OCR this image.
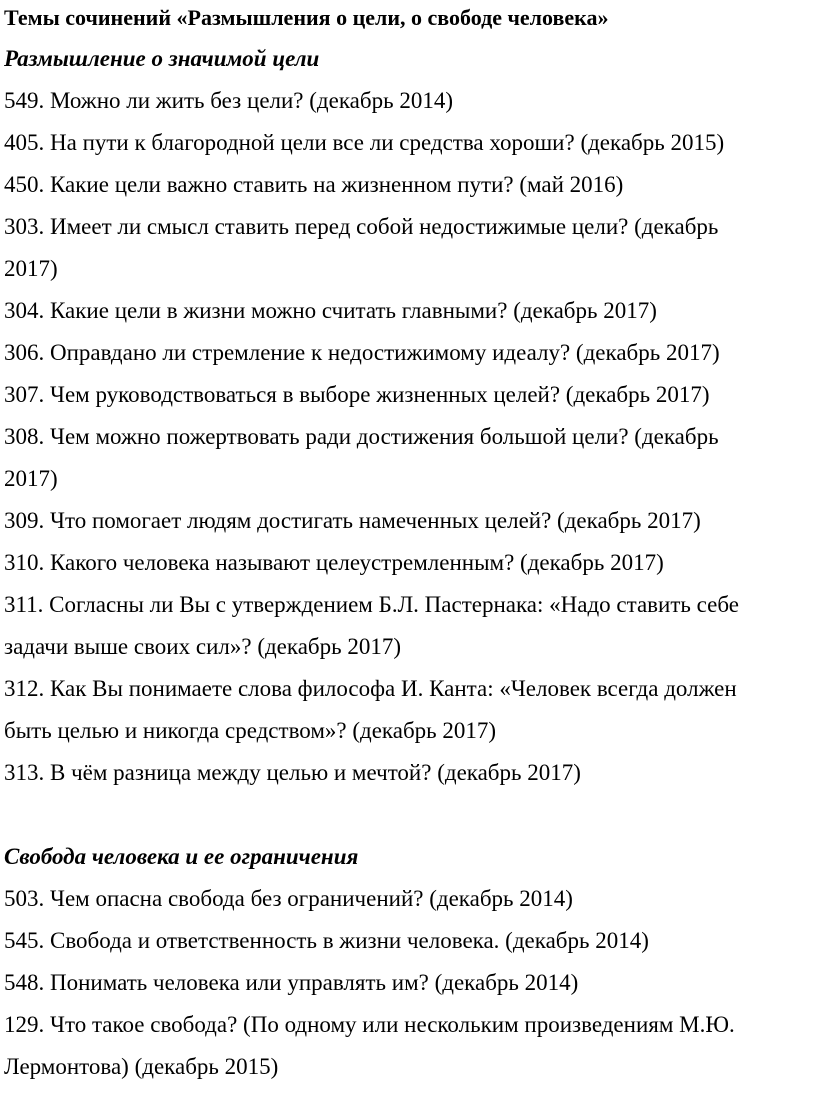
Темы сочинений «Размышления о цели, о свободе человека»
Размышление о значимой цели
549. Можно ли жить без цели? (декабрь 2014)
405. На пути к благородной цели все ли средства хороши? (декабрь 2015)
450. Какие цели важно ставить на жизненном пути? (май 2016)
303. Имеет ли смысл ставить перед собой недостижимые цели? (декабрь
2017)
304. Какие цели в жизни можно считать главными? (декабрь 2017)
306. Оправдано ли стремление к недостижимому идеалу? (декабрь 2017)
307. Чем руководствоваться в выборе жизненных целей? (декабрь 2017)
308. Чем можно пожертвовать ради достижения большой цели? (декабрь
2017)
309. Что помогает людям достигать намеченных целей? (декабрь 2017)
310. Какого человека называют целеустремленным? (декабрь 2017)
311. Согласны ли Вы с утверждением Б.Л. Пастернака: «Надо ставить себе
задачи выше своих сил»? (декабрь 2017)
312. Как Вы понимаете слова философа И. Канта: «Человек всегда должен
быть целью и никогда средством»? (декабрь 2017)
313. В чём разница между целью и мечтой? (декабрь 2017)
Свобода человека и ее ограничения
503. Чем опасна свобода без ограничений? (декабрь 2014)
545. Свобода и ответственность в жизни человека. (декабрь 2014)
548. Понимать человека или управлять им? (декабрь 2014)
129. Что такое свобода? (По одному или нескольким произведениям М.Ю.
Лермонтова) (декабрь 2015)
